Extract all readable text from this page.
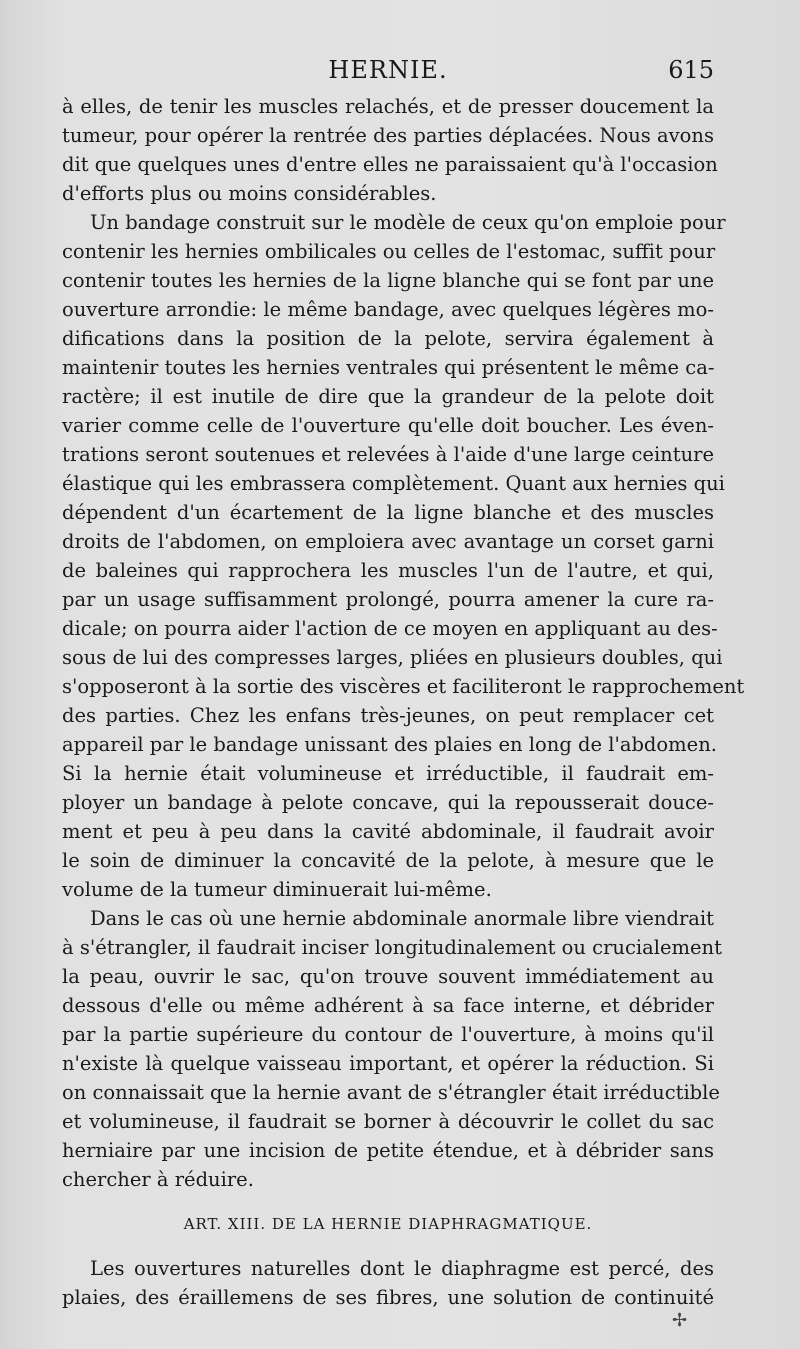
HERNIE.	615
à elles, de tenir les muscles relachés, et de presser doucement la
tumeur, pour opérer la rentrée des parties déplacées. Nous avons
dit que quelques unes d'entre elles ne paraissaient qu'à l'occasion
d'efforts plus ou moins considérables.
Un bandage construit sur le modèle de ceux qu'on emploie pour
contenir les hernies ombilicales ou celles de l'estomac, suffit pour
contenir toutes les hernies de la ligne blanche qui se font par une
ouverture arrondie: le même bandage, avec quelques légères mo-
difications dans la position de la pelote, servira également à
maintenir toutes les hernies ventrales qui présentent le même ca-
ractère; il est inutile de dire que la grandeur de la pelote doit
varier comme celle de l'ouverture qu'elle doit boucher. Les éven-
trations seront soutenues et relevées à l'aide d'une large ceinture
élastique qui les embrassera complètement. Quant aux hernies qui
dépendent d'un écartement de la ligne blanche et des muscles
droits de l'abdomen, on emploiera avec avantage un corset garni
de baleines qui rapprochera les muscles l'un de l'autre, et qui,
par un usage suffisamment prolongé, pourra amener la cure ra-
dicale; on pourra aider l'action de ce moyen en appliquant au des-
sous de lui des compresses larges, pliées en plusieurs doubles, qui
s'opposeront à la sortie des viscères et faciliteront le rapprochement
des parties. Chez les enfans très-jeunes, on peut remplacer cet
appareil par le bandage unissant des plaies en long de l'abdomen.
Si la hernie était volumineuse et irréductible, il faudrait em-
ployer un bandage à pelote concave, qui la repousserait douce-
ment et peu à peu dans la cavité abdominale, il faudrait avoir
le soin de diminuer la concavité de la pelote, à mesure que le
volume de la tumeur diminuerait lui-même.
Dans le cas où une hernie abdominale anormale libre viendrait
à s'étrangler, il faudrait inciser longitudinalement ou crucialement
la peau, ouvrir le sac, qu'on trouve souvent immédiatement au
dessous d'elle ou même adhérent à sa face interne, et débrider
par la partie supérieure du contour de l'ouverture, à moins qu'il
n'existe là quelque vaisseau important, et opérer la réduction. Si
on connaissait que la hernie avant de s'étrangler était irréductible
et volumineuse, il faudrait se borner à découvrir le collet du sac
herniaire par une incision de petite étendue, et à débrider sans
chercher à réduire.
ART. XIII. DE LA HERNIE DIAPHRAGMATIQUE.
Les ouvertures naturelles dont le diaphragme est percé, des
plaies, des éraillemens de ses fibres, une solution de continuité
✢
